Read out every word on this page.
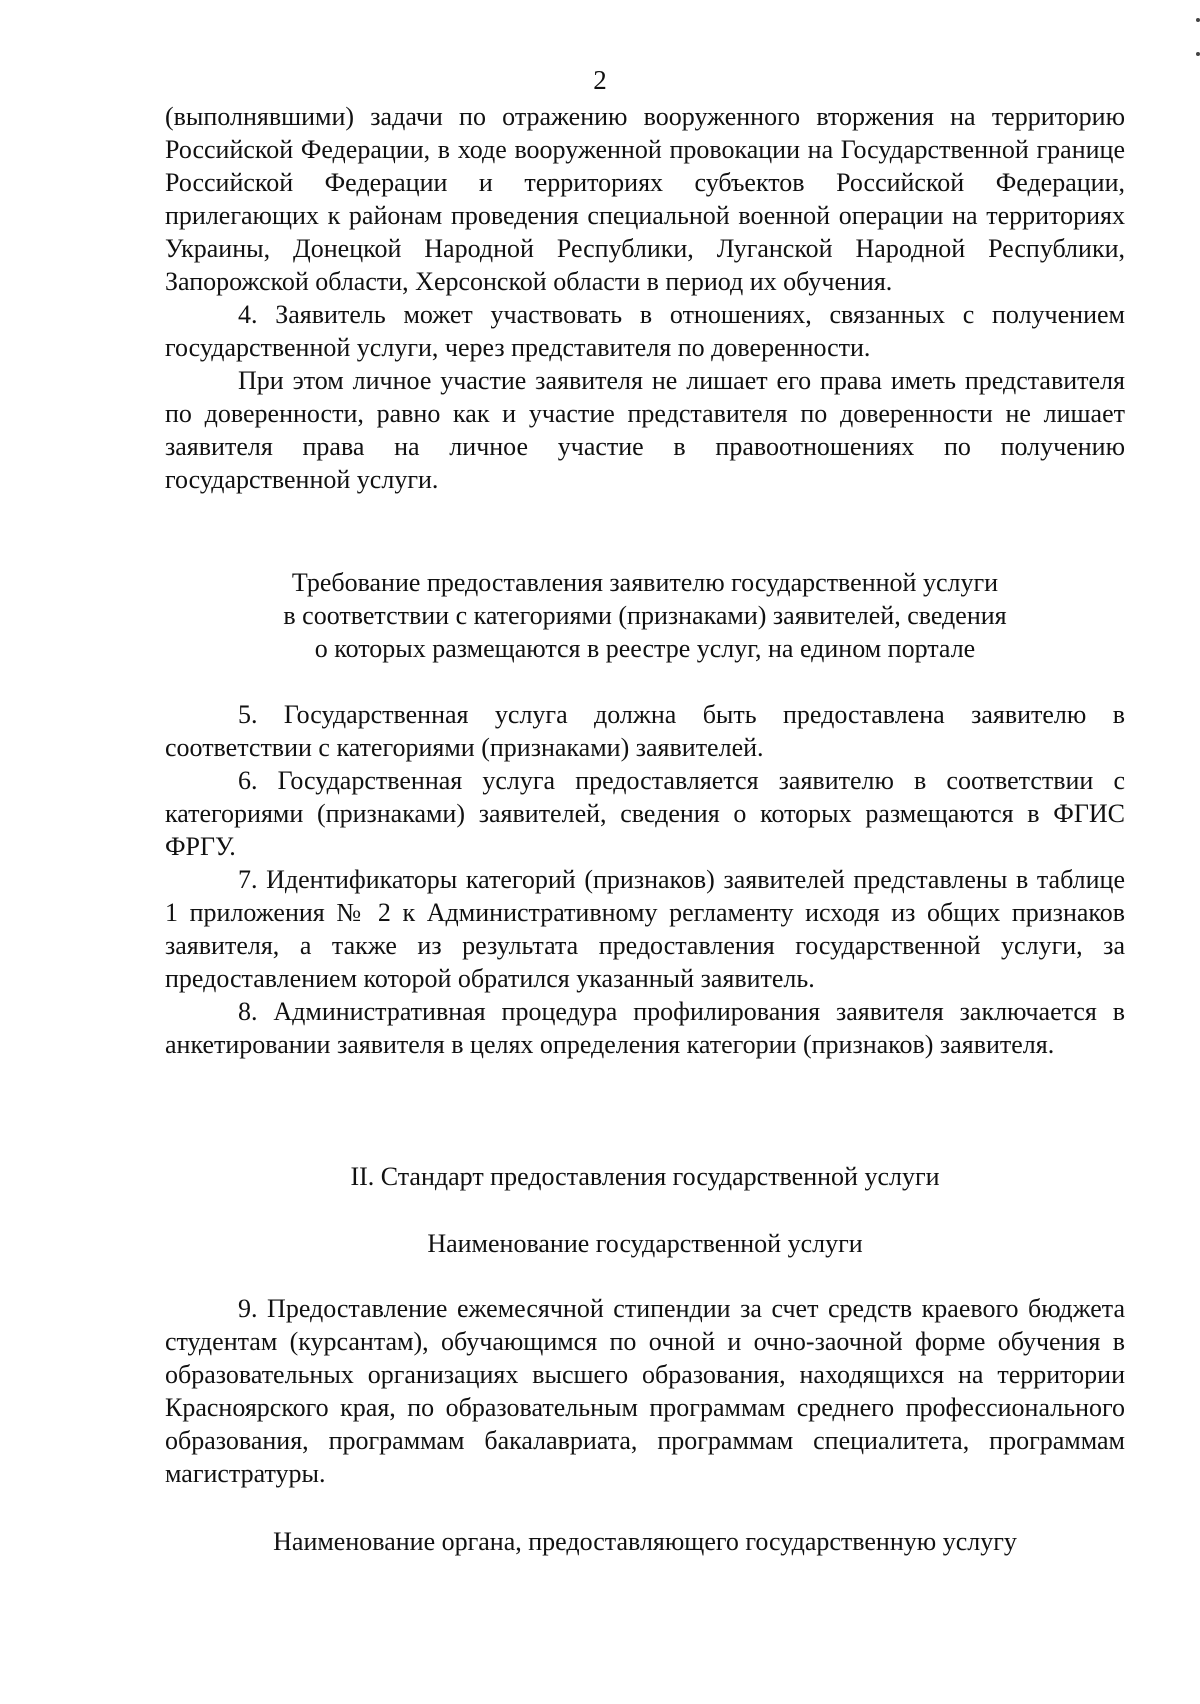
2

(выполнявшими) задачи по отражению вооруженного вторжения на территорию Российской Федерации, в ходе вооруженной провокации на Государственной границе Российской Федерации и территориях субъектов Российской Федерации, прилегающих к районам проведения специальной военной операции на территориях Украины, Донецкой Народной Республики, Луганской Народной Республики, Запорожской области, Херсонской области в период их обучения.

4. Заявитель может участвовать в отношениях, связанных с получением государственной услуги, через представителя по доверенности.

При этом личное участие заявителя не лишает его права иметь представителя по доверенности, равно как и участие представителя по доверенности не лишает заявителя права на личное участие в правоотношениях по получению государственной услуги.

Требование предоставления заявителю государственной услуги
в соответствии с категориями (признаками) заявителей, сведения
о которых размещаются в реестре услуг, на едином портале

5. Государственная услуга должна быть предоставлена заявителю в соответствии с категориями (признаками) заявителей.

6. Государственная услуга предоставляется заявителю в соответствии с категориями (признаками) заявителей, сведения о которых размещаются в ФГИС ФРГУ.

7. Идентификаторы категорий (признаков) заявителей представлены в таблице 1 приложения № 2 к Административному регламенту исходя из общих признаков заявителя, а также из результата предоставления государственной услуги, за предоставлением которой обратился указанный заявитель.

8. Административная процедура профилирования заявителя заключается в анкетировании заявителя в целях определения категории (признаков) заявителя.

II. Стандарт предоставления государственной услуги
Наименование государственной услуги

9. Предоставление ежемесячной стипендии за счет средств краевого бюджета студентам (курсантам), обучающимся по очной и очно-заочной форме обучения в образовательных организациях высшего образования, находящихся на территории Красноярского края, по образовательным программам среднего профессионального образования, программам бакалавриата, программам специалитета, программам магистратуры.

Наименование органа, предоставляющего государственную услугу
